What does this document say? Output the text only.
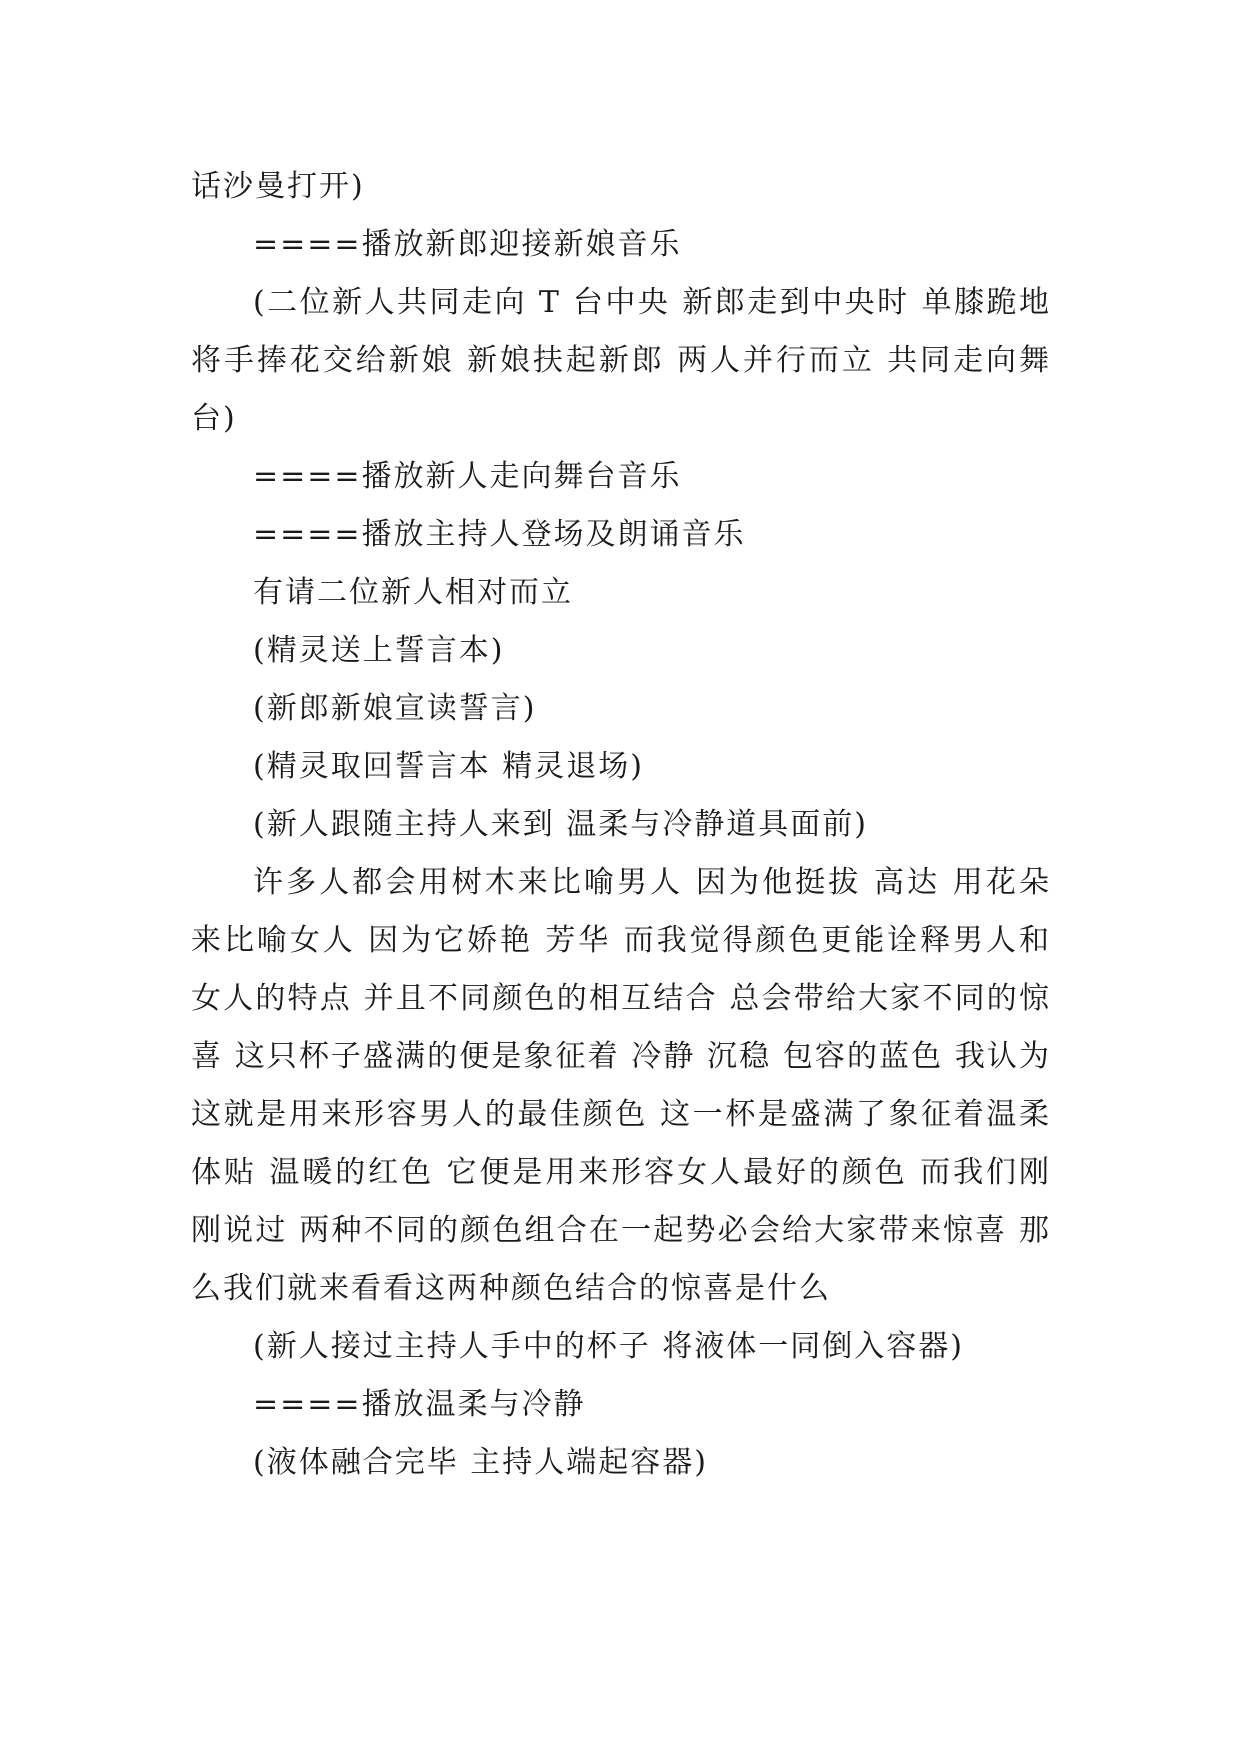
话沙曼打开)

====播放新郎迎接新娘音乐

(二位新人共同走向 T 台中央 新郎走到中央时 单膝跪地 将手捧花交给新娘 新娘扶起新郎 两人并行而立 共同走向舞台)

====播放新人走向舞台音乐

====播放主持人登场及朗诵音乐

有请二位新人相对而立

(精灵送上誓言本)

(新郎新娘宣读誓言)

(精灵取回誓言本 精灵退场)

(新人跟随主持人来到 温柔与冷静道具面前)

许多人都会用树木来比喻男人 因为他挺拔 高达 用花朵来比喻女人 因为它娇艳 芳华 而我觉得颜色更能诠释男人和女人的特点 并且不同颜色的相互结合 总会带给大家不同的惊喜 这只杯子盛满的便是象征着 冷静 沉稳 包容的蓝色 我认为这就是用来形容男人的最佳颜色 这一杯是盛满了象征着温柔 体贴 温暖的红色 它便是用来形容女人最好的颜色 而我们刚刚说过 两种不同的颜色组合在一起势必会给大家带来惊喜 那么我们就来看看这两种颜色结合的惊喜是什么

(新人接过主持人手中的杯子 将液体一同倒入容器)

====播放温柔与冷静

(液体融合完毕 主持人端起容器)
